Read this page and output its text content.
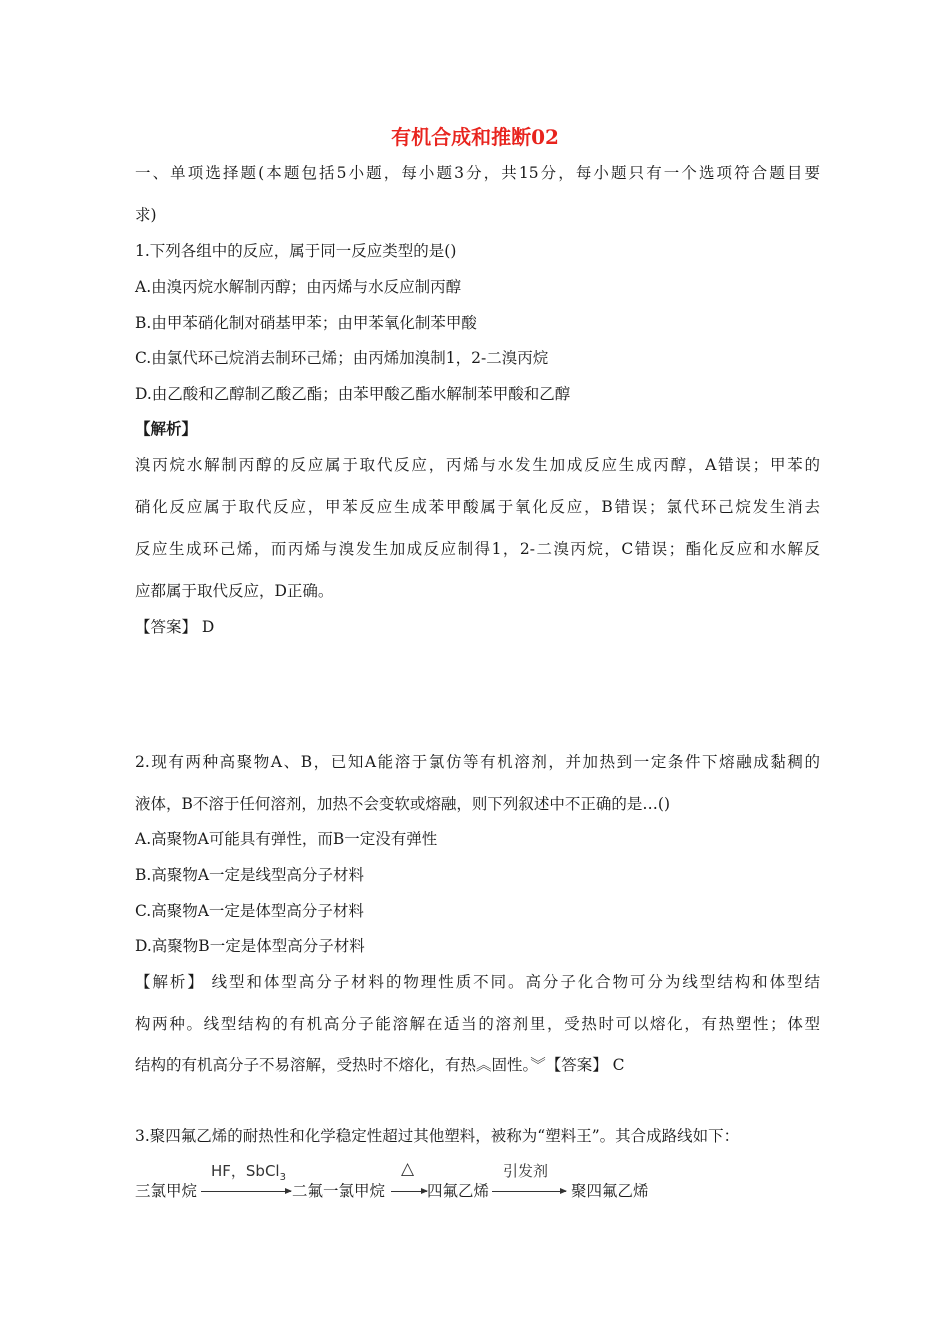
有机合成和推断02
一、单项选择题(本题包括5小题，每小题3分，共15分，每小题只有一个选项符合题目要
求)
1.下列各组中的反应，属于同一反应类型的是()
A.由溴丙烷水解制丙醇；由丙烯与水反应制丙醇
B.由甲苯硝化制对硝基甲苯；由甲苯氧化制苯甲酸
C.由氯代环己烷消去制环己烯；由丙烯加溴制1，2-二溴丙烷
D.由乙酸和乙醇制乙酸乙酯；由苯甲酸乙酯水解制苯甲酸和乙醇
【解析】
溴丙烷水解制丙醇的反应属于取代反应，丙烯与水发生加成反应生成丙醇，A错误；甲苯的
硝化反应属于取代反应，甲苯反应生成苯甲酸属于氧化反应，B错误；氯代环己烷发生消去
反应生成环己烯，而丙烯与溴发生加成反应制得1，2-二溴丙烷，C错误；酯化反应和水解反
应都属于取代反应，D正确。
【答案】 D
2.现有两种高聚物A、B，已知A能溶于氯仿等有机溶剂，并加热到一定条件下熔融成黏稠的
液体，B不溶于任何溶剂，加热不会变软或熔融，则下列叙述中不正确的是…()
A.高聚物A可能具有弹性，而B一定没有弹性
B.高聚物A一定是线型高分子材料
C.高聚物A一定是体型高分子材料
D.高聚物B一定是体型高分子材料
【解析】 线型和体型高分子材料的物理性质不同。高分子化合物可分为线型结构和体型结
构两种。线型结构的有机高分子能溶解在适当的溶剂里，受热时可以熔化，有热塑性；体型
结构的有机高分子不易溶解，受热时不熔化，有热︽固性。︾【答案】 C
3.聚四氟乙烯的耐热性和化学稳定性超过其他塑料，被称为“塑料王”。其合成路线如下：
三氯甲烷
HF，SbCl$_3$
二氟一氯甲烷
△
四氟乙烯
引发剂
聚四氟乙烯
